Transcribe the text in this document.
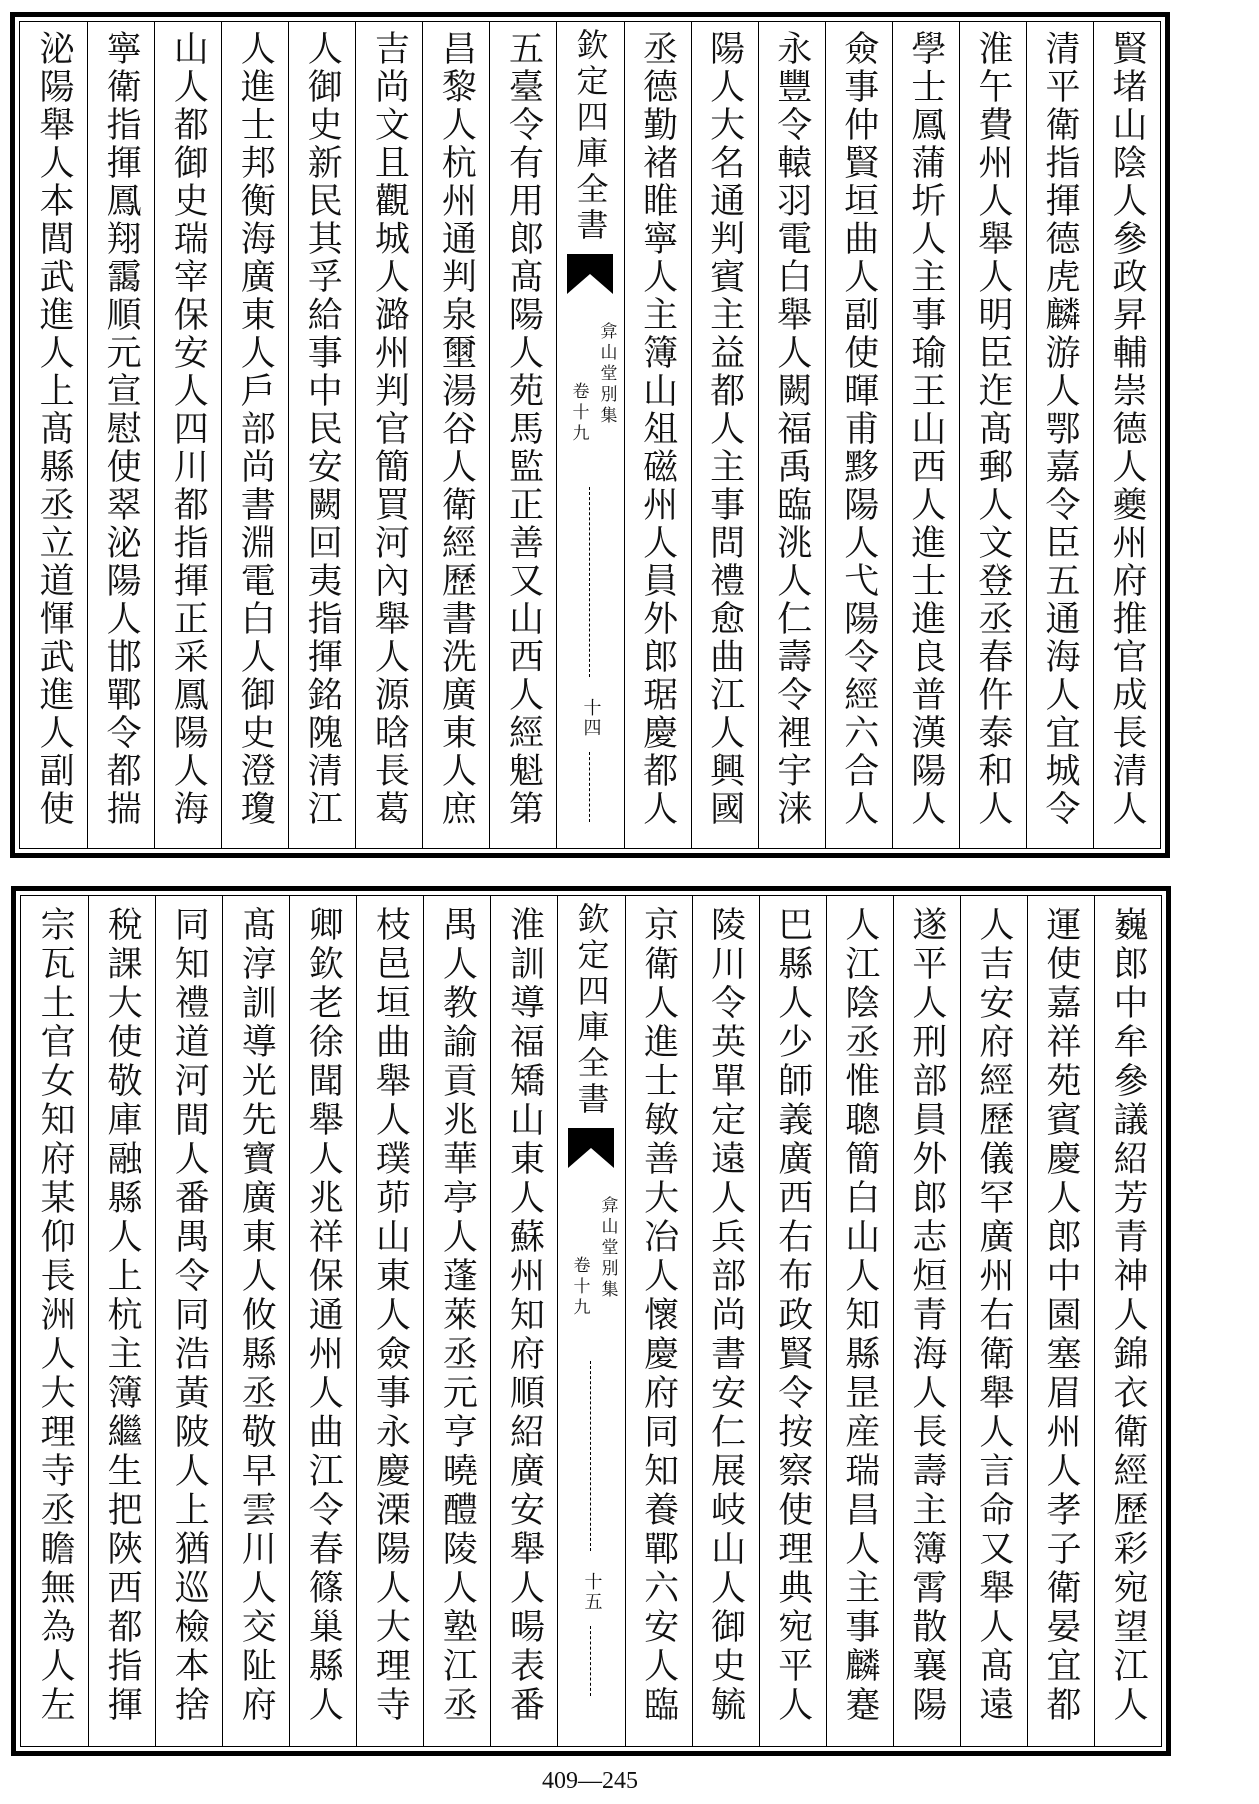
賢堵山陰人參政昇輔崇德人夔州府推官成長清人
清平衛指揮德虎麟游人鄂嘉令臣五通海人宜城令
淮午費州人舉人明臣迮髙郵人文登丞春仵泰和人
學士鳳蒲圻人主事瑜王山西人進士進良普漢陽人
僉事仲賢垣曲人副使暉甫黟陽人弋陽令經六合人
永豐令轅羽電白舉人闕福禹臨洮人仁壽令裡宇涞
陽人大名通判賓主益都人主事問禮愈曲江人興國
丞德勤褚睢寧人主簿山俎磁州人員外郎琚慶都人
欽定四庫全書
弇山堂別集
卷十九
十四
五臺令有用郎髙陽人苑馬監正善又山西人經魁第
昌黎人杭州通判泉壐湯谷人衛經歷書洗廣東人庶
吉尚文且觀城人潞州判官簡買河內舉人源晗長葛
人御史新民其孚給事中民安闕回夷指揮銘隗清江
人進士邦衡海廣東人戶部尚書淵電白人御史澄瓊
山人都御史瑞宰保安人四川都指揮正采鳳陽人海
寧衛指揮鳳翔靄順元宣慰使翠泌陽人邯鄲令都揣
泌陽舉人本閭武進人上髙縣丞立道惲武進人副使
巍郎中牟參議紹芳青神人錦衣衛經歷彩宛望江人
運使嘉祥苑賓慶人郎中園塞眉州人孝子衛晏宜都
人吉安府經歷儀罕廣州右衛舉人言命又舉人髙遠
遂平人刑部員外郎志烜青海人長壽主簿霄散襄陽
人江陰丞惟聰簡白山人知縣昰産瑞昌人主事麟蹇
巴縣人少師義廣西右布政賢令按察使理典宛平人
陵川令英單定遠人兵部尚書安仁展岐山人御史毓
京衛人進士敏善大冶人懷慶府同知養鄲六安人臨
欽定四庫全書
弇山堂別集
卷十九
十五
淮訓導福矯山東人蘇州知府順紹廣安舉人暘表番
禺人教諭貢兆華亭人蓬萊丞元亨曉醴陵人塾江丞
枝邑垣曲舉人璞茆山東人僉事永慶溧陽人大理寺
卿欽老徐聞舉人兆祥保通州人曲江令春篠巢縣人
髙淳訓導光先寶廣東人攸縣丞敬早雲川人交阯府
同知禮道河間人番禺令同浩黃陂人上猶巡檢本捨
稅課大使敬庫融縣人上杭主簿繼生把陜西都指揮
宗瓦土官女知府某仰長洲人大理寺丞瞻無為人左
409—245
